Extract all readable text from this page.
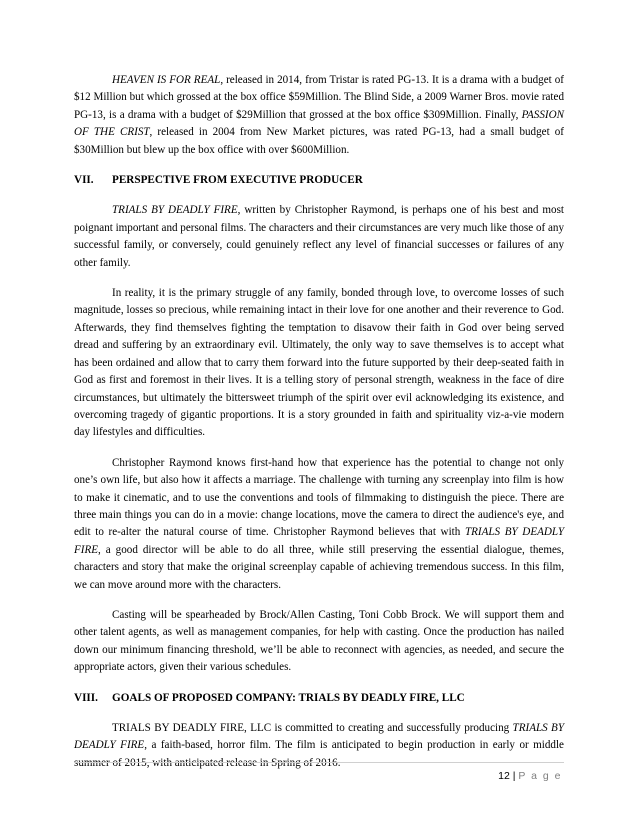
HEAVEN IS FOR REAL, released in 2014, from Tristar is rated PG-13. It is a drama with a budget of $12 Million but which grossed at the box office $59Million. The Blind Side, a 2009 Warner Bros. movie rated PG-13, is a drama with a budget of $29Million that grossed at the box office $309Million. Finally, PASSION OF THE CRIST, released in 2004 from New Market pictures, was rated PG-13, had a small budget of $30Million but blew up the box office with over $600Million.

VII.	PERSPECTIVE FROM EXECUTIVE PRODUCER

TRIALS BY DEADLY FIRE, written by Christopher Raymond, is perhaps one of his best and most poignant important and personal films. The characters and their circumstances are very much like those of any successful family, or conversely, could genuinely reflect any level of financial successes or failures of any other family.

In reality, it is the primary struggle of any family, bonded through love, to overcome losses of such magnitude, losses so precious, while remaining intact in their love for one another and their reverence to God. Afterwards, they find themselves fighting the temptation to disavow their faith in God over being served dread and suffering by an extraordinary evil. Ultimately, the only way to save themselves is to accept what has been ordained and allow that to carry them forward into the future supported by their deep-seated faith in God as first and foremost in their lives. It is a telling story of personal strength, weakness in the face of dire circumstances, but ultimately the bittersweet triumph of the spirit over evil acknowledging its existence, and overcoming tragedy of gigantic proportions. It is a story grounded in faith and spirituality viz-a-vie modern day lifestyles and difficulties.

Christopher Raymond knows first-hand how that experience has the potential to change not only one’s own life, but also how it affects a marriage. The challenge with turning any screenplay into film is how to make it cinematic, and to use the conventions and tools of filmmaking to distinguish the piece. There are three main things you can do in a movie: change locations, move the camera to direct the audience's eye, and edit to re-alter the natural course of time. Christopher Raymond believes that with TRIALS BY DEADLY FIRE, a good director will be able to do all three, while still preserving the essential dialogue, themes, characters and story that make the original screenplay capable of achieving tremendous success. In this film, we can move around more with the characters.

Casting will be spearheaded by Brock/Allen Casting, Toni Cobb Brock. We will support them and other talent agents, as well as management companies, for help with casting. Once the production has nailed down our minimum financing threshold, we’ll be able to reconnect with agencies, as needed, and secure the appropriate actors, given their various schedules.

VIII.	GOALS OF PROPOSED COMPANY: TRIALS BY DEADLY FIRE, LLC

TRIALS BY DEADLY FIRE, LLC is committed to creating and successfully producing TRIALS BY DEADLY FIRE, a faith-based, horror film. The film is anticipated to begin production in early or middle summer of 2015, with anticipated release in Spring of 2016.

12 | P a g e
